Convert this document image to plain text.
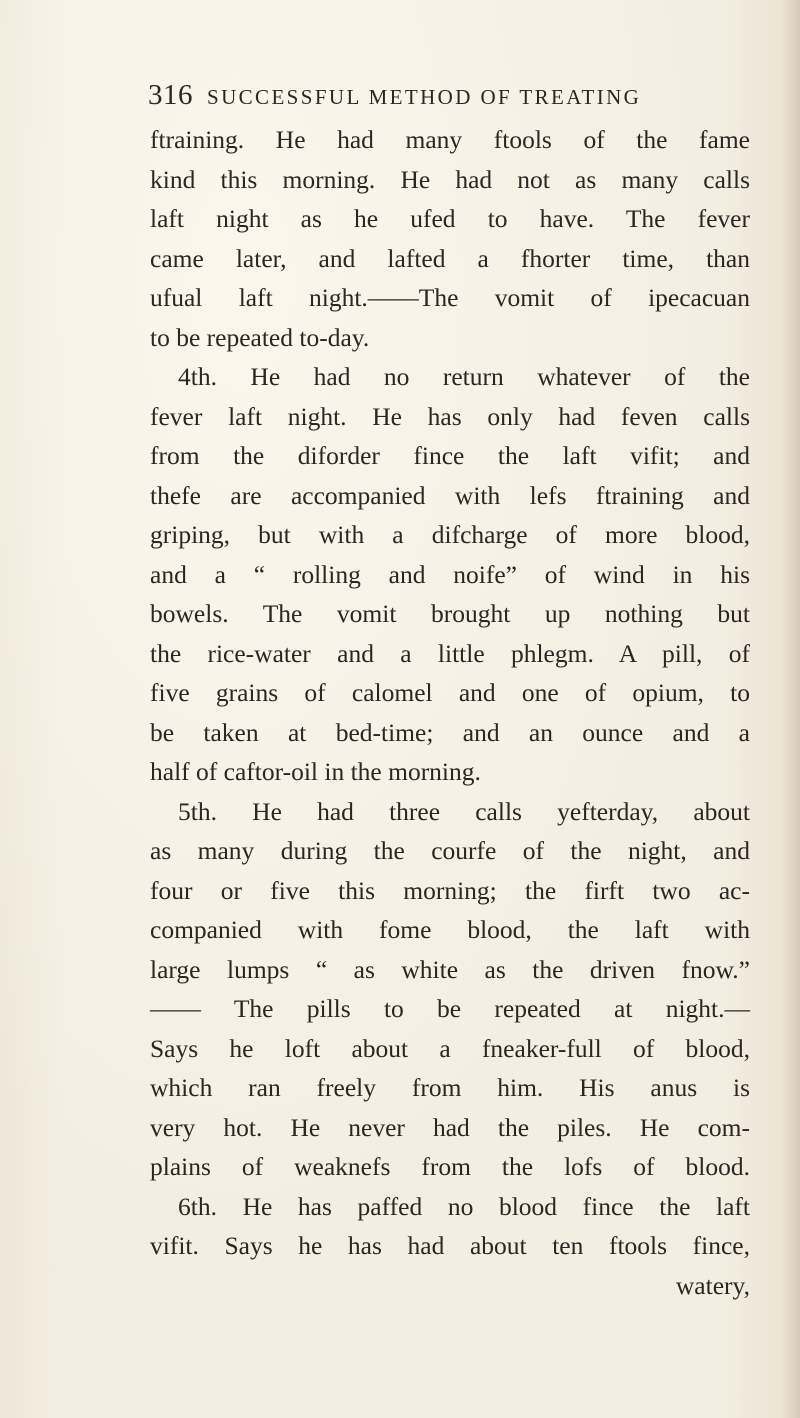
316 SUCCESSFUL METHOD OF TREATING
ftraining. He had many ftools of the fame
kind this morning. He had not as many calls
laft night as he ufed to have. The fever
came later, and lafted a fhorter time, than
ufual laft night.——The vomit of ipecacuan
to be repeated to-day.
4th. He had no return whatever of the
fever laft night. He has only had feven calls
from the diforder fince the laft vifit; and
thefe are accompanied with lefs ftraining and
griping, but with a difcharge of more blood,
and a “ rolling and noife” of wind in his
bowels. The vomit brought up nothing but
the rice-water and a little phlegm. A pill, of
five grains of calomel and one of opium, to
be taken at bed-time; and an ounce and a
half of caftor-oil in the morning.
5th. He had three calls yefterday, about
as many during the courfe of the night, and
four or five this morning; the firft two ac-
companied with fome blood, the laft with
large lumps “ as white as the driven fnow.”
—— The pills to be repeated at night.—
Says he loft about a fneaker-full of blood,
which ran freely from him. His anus is
very hot. He never had the piles. He com-
plains of weaknefs from the lofs of blood.
6th. He has paffed no blood fince the laft
vifit. Says he has had about ten ftools fince,
watery,
